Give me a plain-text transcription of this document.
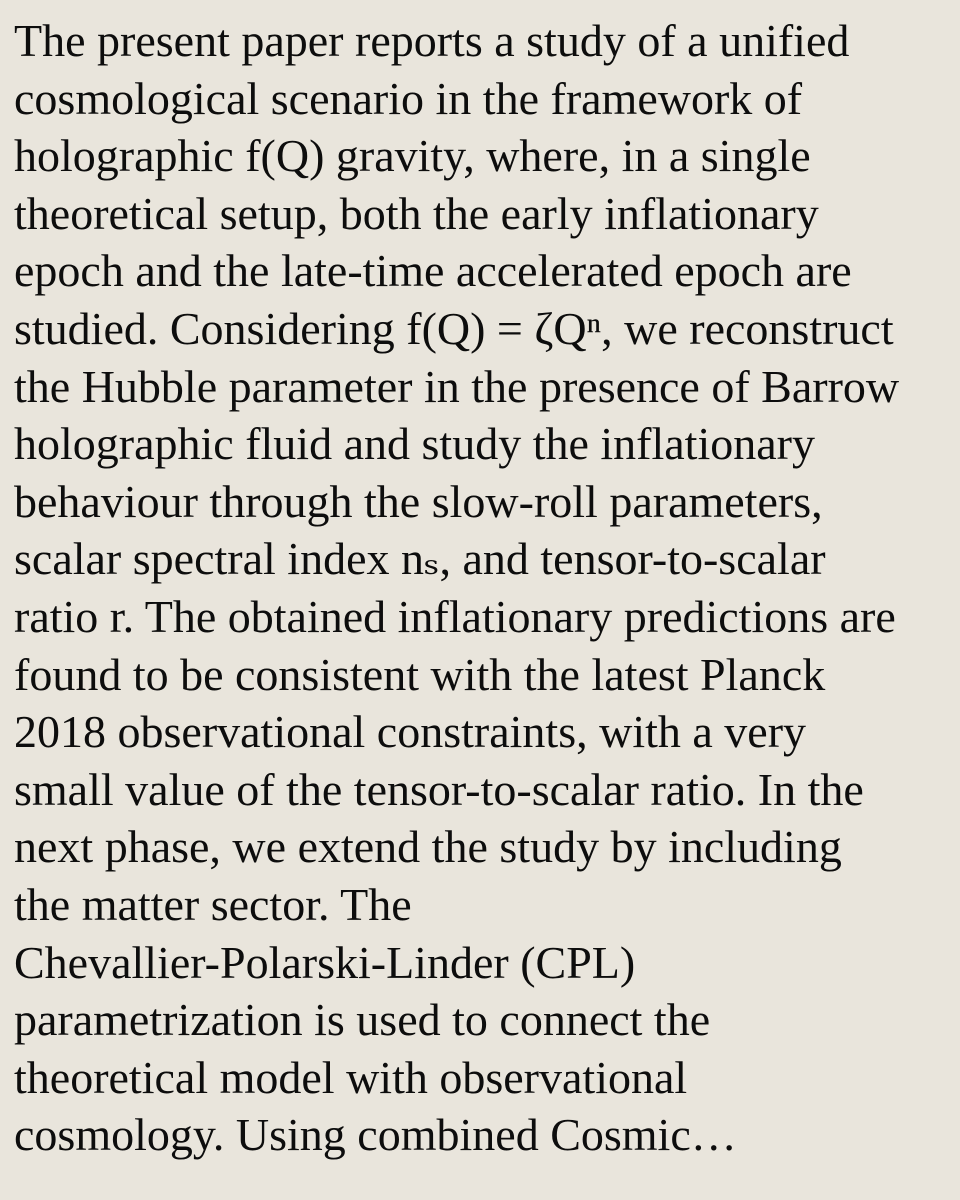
The present paper reports a study of a unified
cosmological scenario in the framework of
holographic f(Q) gravity, where, in a single
theoretical setup, both the early inflationary
epoch and the late-time accelerated epoch are
studied. Considering f(Q) = ζQⁿ, we reconstruct
the Hubble parameter in the presence of Barrow
holographic fluid and study the inflationary
behaviour through the slow-roll parameters,
scalar spectral index nₛ, and tensor-to-scalar
ratio r. The obtained inflationary predictions are
found to be consistent with the latest Planck
2018 observational constraints, with a very
small value of the tensor-to-scalar ratio. In the
next phase, we extend the study by including
the matter sector. The
Chevallier-Polarski-Linder (CPL)
parametrization is used to connect the
theoretical model with observational
cosmology. Using combined Cosmic…
